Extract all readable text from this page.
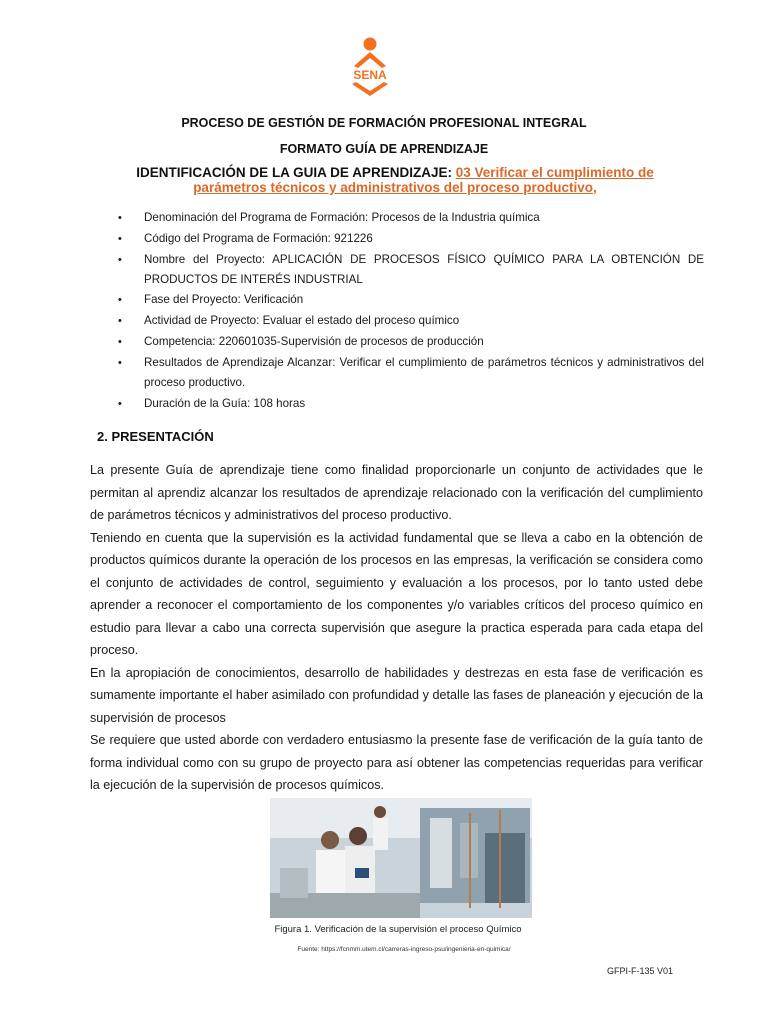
SENA
PROCESO DE GESTIÓN DE FORMACIÓN PROFESIONAL INTEGRAL
FORMATO GUÍA DE APRENDIZAJE
IDENTIFICACIÓN DE LA GUIA DE APRENDIZAJE: 03 Verificar el cumplimiento de parámetros técnicos y administrativos del proceso productivo,
• Denominación del Programa de Formación: Procesos de la Industria química
• Código del Programa de Formación: 921226
• Nombre del Proyecto: APLICACIÓN DE PROCESOS FÍSICO QUÍMICO PARA LA OBTENCIÓN DE PRODUCTOS DE INTERÉS INDUSTRIAL
• Fase del Proyecto: Verificación
• Actividad de Proyecto: Evaluar el estado del proceso químico
• Competencia: 220601035-Supervisión de procesos de producción
• Resultados de Aprendizaje Alcanzar: Verificar el cumplimiento de parámetros técnicos y administrativos del proceso productivo.
• Duración de la Guía: 108 horas
2. PRESENTACIÓN

La presente Guía de aprendizaje tiene como finalidad proporcionarle un conjunto de actividades que le permitan al aprendiz alcanzar los resultados de aprendizaje relacionado con la verificación del cumplimiento de parámetros técnicos y administrativos del proceso productivo.

Teniendo en cuenta que la supervisión es la actividad fundamental que se lleva a cabo en la obtención de productos químicos durante la operación de los procesos en las empresas, la verificación se considera como el conjunto de actividades de control, seguimiento y evaluación a los procesos, por lo tanto usted debe aprender a reconocer el comportamiento de los componentes y/o variables críticos del proceso químico en estudio para llevar a cabo una correcta supervisión que asegure la practica esperada para cada etapa del proceso.

En la apropiación de conocimientos, desarrollo de habilidades y destrezas en esta fase de verificación es sumamente importante el haber asimilado con profundidad y detalle las fases de planeación y ejecución de la supervisión de procesos

Se requiere que usted aborde con verdadero entusiasmo la presente fase de verificación de la guía tanto de forma individual como con su grupo de proyecto para así obtener las competencias requeridas para verificar la ejecución de la supervisión de procesos químicos.

Figura 1. Verificación de la supervisión el proceso Químico
Fuente: https://fcnmm.utem.cl/carreras-ingreso-psu/ingenieria-en-quimica/
GFPI-F-135 V01
